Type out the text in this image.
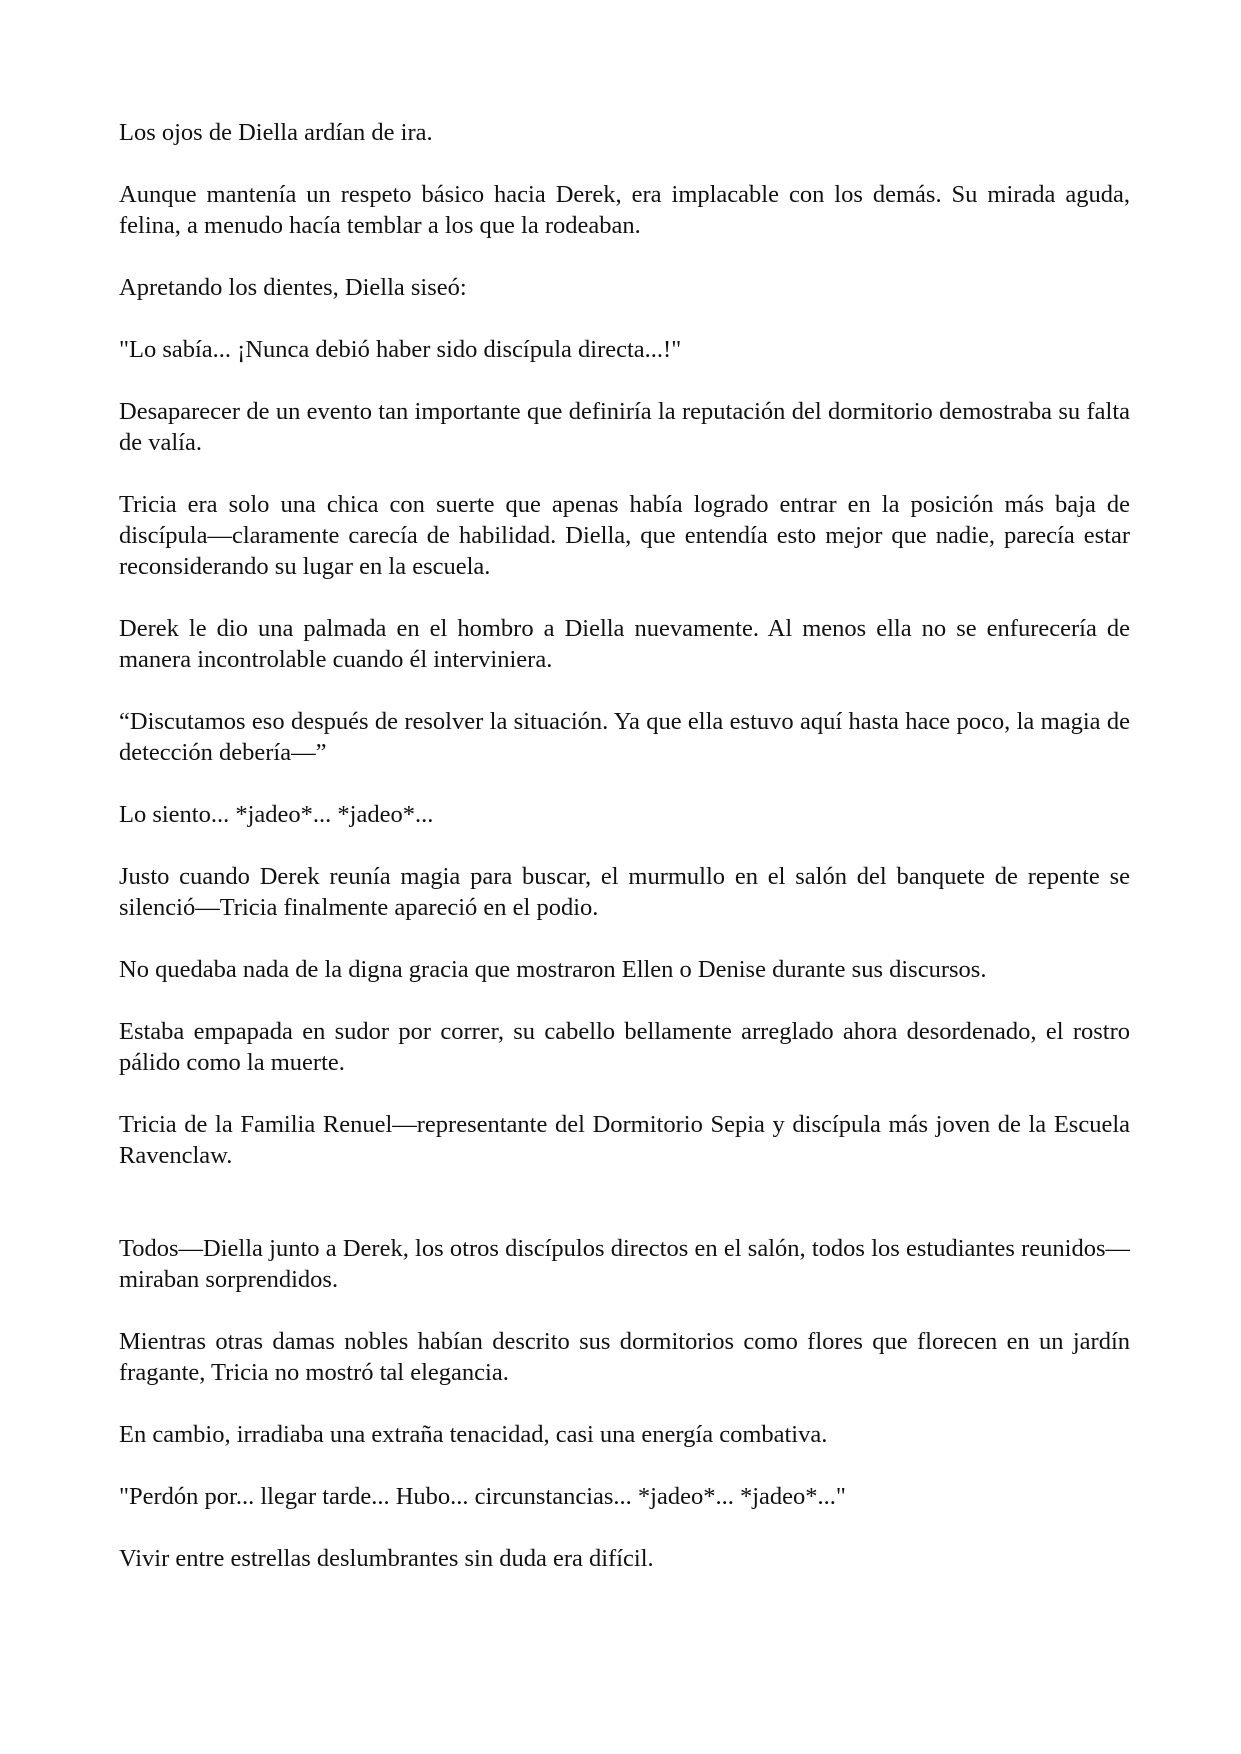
Los ojos de Diella ardían de ira.

Aunque mantenía un respeto básico hacia Derek, era implacable con los demás. Su mirada aguda, felina, a menudo hacía temblar a los que la rodeaban.

Apretando los dientes, Diella siseó:

"Lo sabía... ¡Nunca debió haber sido discípula directa...!"

Desaparecer de un evento tan importante que definiría la reputación del dormitorio demostraba su falta de valía.

Tricia era solo una chica con suerte que apenas había logrado entrar en la posición más baja de discípula—claramente carecía de habilidad. Diella, que entendía esto mejor que nadie, parecía estar reconsiderando su lugar en la escuela.

Derek le dio una palmada en el hombro a Diella nuevamente. Al menos ella no se enfurecería de manera incontrolable cuando él interviniera.

“Discutamos eso después de resolver la situación. Ya que ella estuvo aquí hasta hace poco, la magia de detección debería—”

Lo siento... *jadeo*... *jadeo*...

Justo cuando Derek reunía magia para buscar, el murmullo en el salón del banquete de repente se silenció—Tricia finalmente apareció en el podio.

No quedaba nada de la digna gracia que mostraron Ellen o Denise durante sus discursos.

Estaba empapada en sudor por correr, su cabello bellamente arreglado ahora desordenado, el rostro pálido como la muerte.

Tricia de la Familia Renuel—representante del Dormitorio Sepia y discípula más joven de la Escuela Ravenclaw.

Todos—Diella junto a Derek, los otros discípulos directos en el salón, todos los estudiantes reunidos—miraban sorprendidos.

Mientras otras damas nobles habían descrito sus dormitorios como flores que florecen en un jardín fragante, Tricia no mostró tal elegancia.

En cambio, irradiaba una extraña tenacidad, casi una energía combativa.

"Perdón por... llegar tarde... Hubo... circunstancias... *jadeo*... *jadeo*..."

Vivir entre estrellas deslumbrantes sin duda era difícil.
